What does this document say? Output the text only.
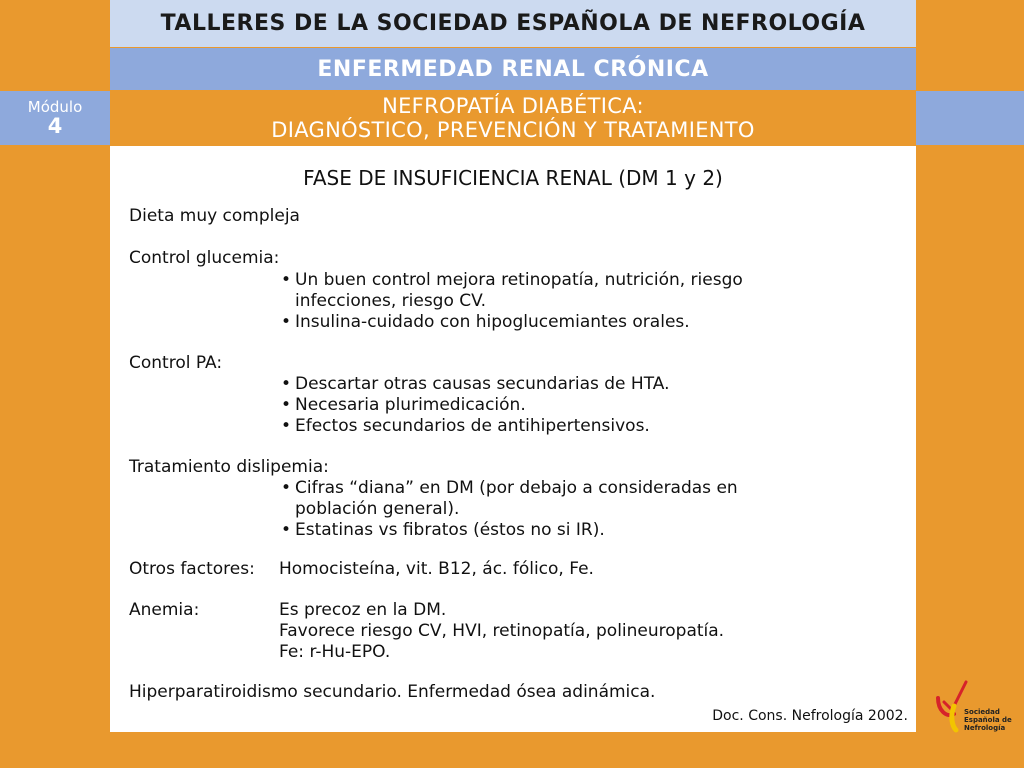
TALLERES DE LA SOCIEDAD ESPAÑOLA DE NEFROLOGÍA
ENFERMEDAD RENAL CRÓNICA
Módulo
4
NEFROPATÍA DIABÉTICA:
DIAGNÓSTICO, PREVENCIÓN Y TRATAMIENTO
FASE DE INSUFICIENCIA RENAL (DM 1 y 2)
Dieta muy compleja
Control glucemia:
• Un buen control mejora retinopatía, nutrición, riesgo infecciones, riesgo CV.
• Insulina-cuidado con hipoglucemiantes orales.
Control PA:
• Descartar otras causas secundarias de HTA.
• Necesaria plurimedicación.
• Efectos secundarios de antihipertensivos.
Tratamiento dislipemia:
• Cifras “diana” en DM (por debajo a consideradas en población general).
• Estatinas vs fibratos (éstos no si IR).
Otros factores: Homocisteína, vit. B12, ác. fólico, Fe.
Anemia:	Es precoz en la DM.
Favorece riesgo CV, HVI, retinopatía, polineuropatía.
Fe: r-Hu-EPO.
Hiperparatiroidismo secundario. Enfermedad ósea adinámica.
Doc. Cons. Nefrología 2002.	Sociedad
Española de
Nefrología
